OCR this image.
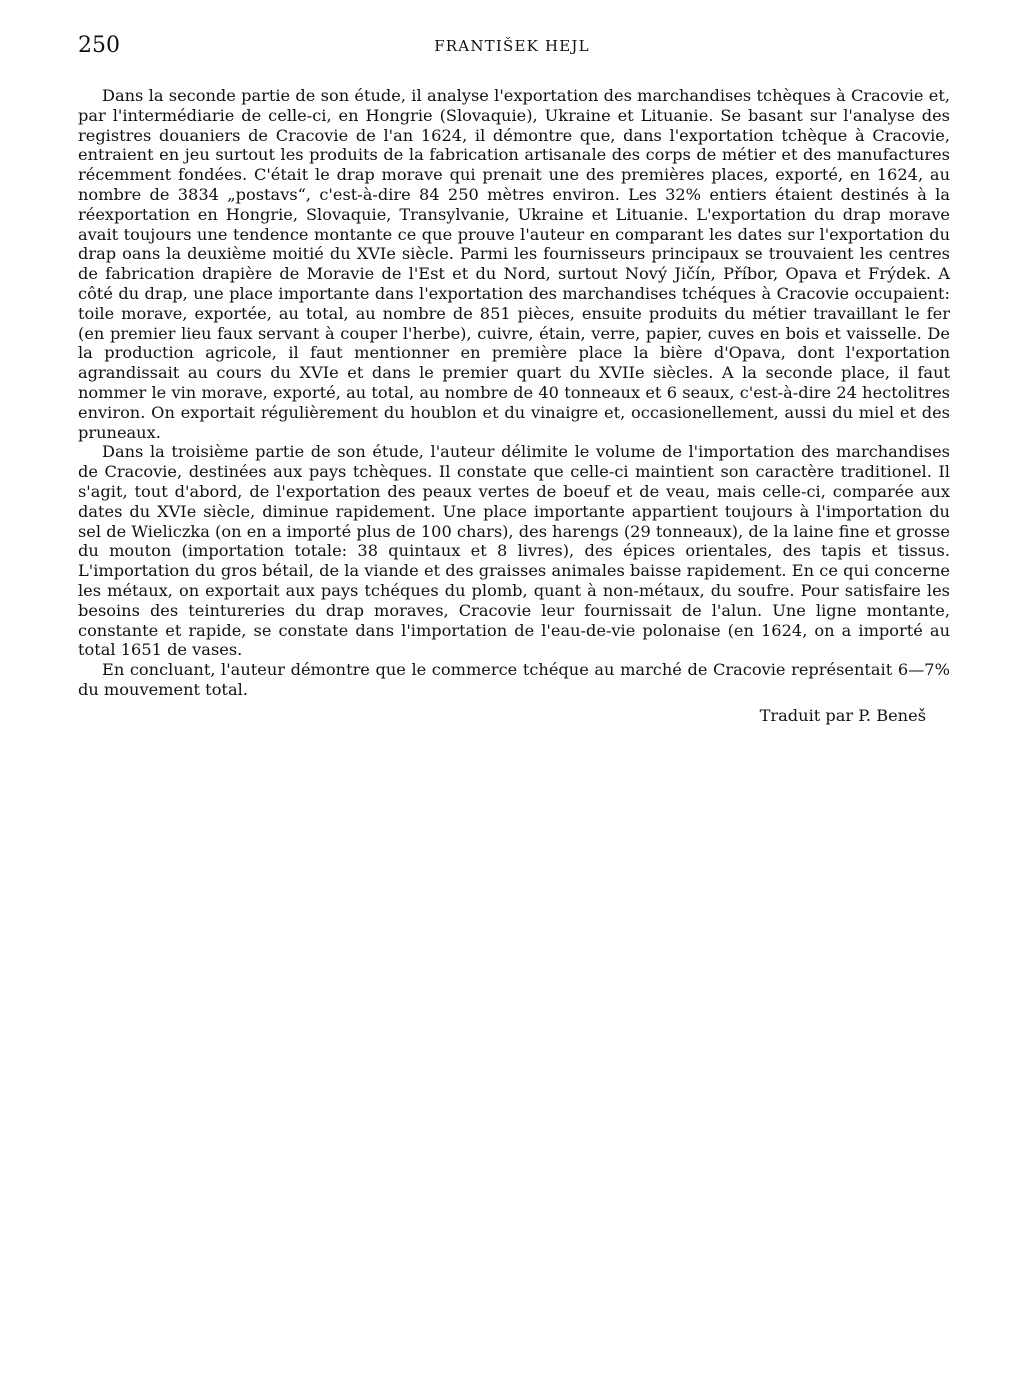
250	FRANTIŠEK HEJL

Dans la seconde partie de son étude, il analyse l'exportation des marchandises tchèques à Cracovie et, par l'intermédiarie de celle-ci, en Hongrie (Slovaquie), Ukraine et Lituanie. Se basant sur l'analyse des registres douaniers de Cracovie de l'an 1624, il démontre que, dans l'exportation tchèque à Cracovie, entraient en jeu surtout les produits de la fabrication artisanale des corps de métier et des manufactures récemment fondées. C'était le drap morave qui prenait une des premières places, exporté, en 1624, au nombre de 3834 „postavs“, c'est-à-dire 84 250 mètres environ. Les 32% entiers étaient destinés à la réexportation en Hongrie, Slovaquie, Transylvanie, Ukraine et Lituanie. L'exportation du drap morave avait toujours une tendence montante ce que prouve l'auteur en comparant les dates sur l'exportation du drap oans la deuxième moitié du XVIe siècle. Parmi les fournisseurs principaux se trouvaient les centres de fabrication drapière de Moravie de l'Est et du Nord, surtout Nový Jičín, Příbor, Opava et Frýdek. A côté du drap, une place importante dans l'exportation des marchandises tchéques à Cracovie occupaient: toile morave, exportée, au total, au nombre de 851 pièces, ensuite produits du métier travaillant le fer (en premier lieu faux servant à couper l'herbe), cuivre, étain, verre, papier, cuves en bois et vaisselle. De la production agricole, il faut mentionner en première place la bière d'Opava, dont l'exportation agrandissait au cours du XVIe et dans le premier quart du XVIIe siècles. A la seconde place, il faut nommer le vin morave, exporté, au total, au nombre de 40 tonneaux et 6 seaux, c'est-à-dire 24 hectolitres environ. On exportait régulièrement du houblon et du vinaigre et, occasionellement, aussi du miel et des pruneaux.

Dans la troisième partie de son étude, l'auteur délimite le volume de l'importation des marchandises de Cracovie, destinées aux pays tchèques. Il constate que celle-ci maintient son caractère traditionel. Il s'agit, tout d'abord, de l'exportation des peaux vertes de boeuf et de veau, mais celle-ci, comparée aux dates du XVIe siècle, diminue rapidement. Une place importante appartient toujours à l'importation du sel de Wieliczka (on en a importé plus de 100 chars), des harengs (29 tonneaux), de la laine fine et grosse du mouton (importation totale: 38 quintaux et 8 livres), des épices orientales, des tapis et tissus. L'importation du gros bétail, de la viande et des graisses animales baisse rapidement. En ce qui concerne les métaux, on exportait aux pays tchéques du plomb, quant à non-métaux, du soufre. Pour satisfaire les besoins des teintureries du drap moraves, Cracovie leur fournissait de l'alun. Une ligne montante, constante et rapide, se constate dans l'importation de l'eau-de-vie polonaise (en 1624, on a importé au total 1651 de vases.

En concluant, l'auteur démontre que le commerce tchéque au marché de Cracovie représentait 6—7% du mouvement total.

Traduit par P. Beneš
